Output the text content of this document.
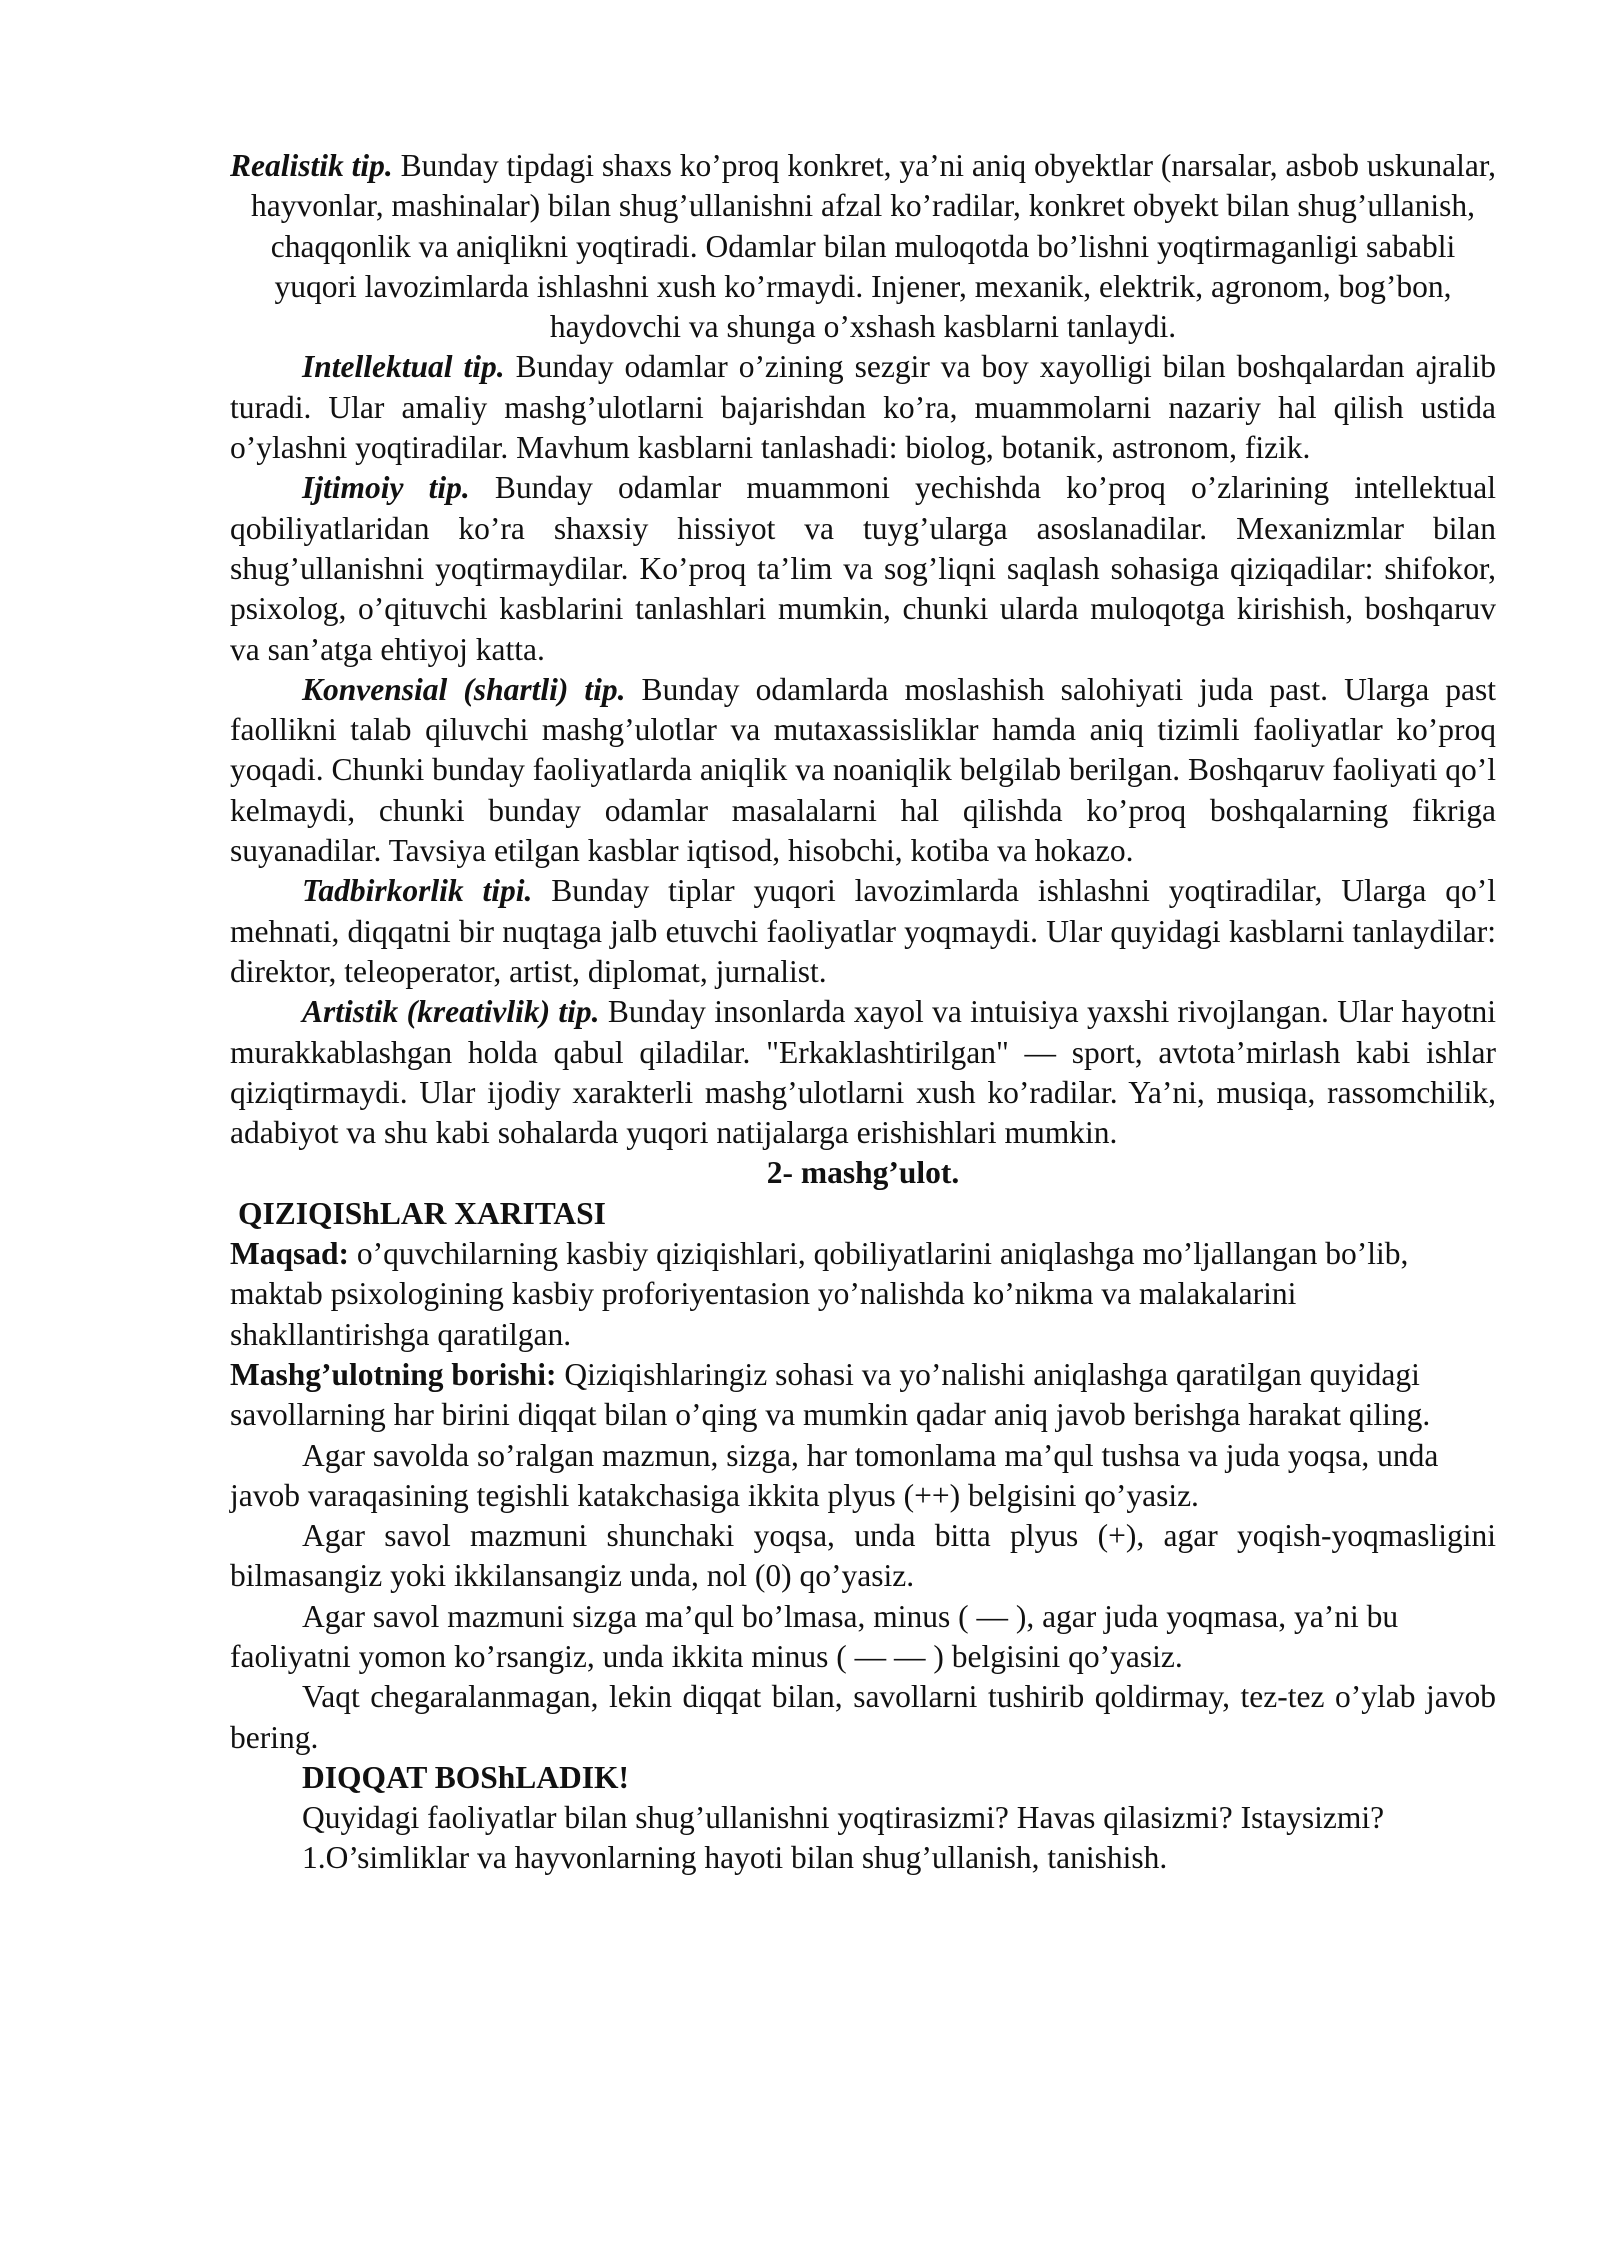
Realistik tip. Bunday tipdagi shaxs ko’proq konkret, ya’ni aniq obyektlar (narsalar, asbob uskunalar, hayvonlar, mashinalar) bilan shug’ullanishni afzal ko’radilar, konkret obyekt bilan shug’ullanish, chaqqonlik va aniqlikni yoqtiradi. Odamlar bilan muloqotda bo’lishni yoqtirmaganligi sababli yuqori lavozimlarda ishlashni xush ko’rmaydi. Injener, mexanik, elektrik, agronom, bog’bon, haydovchi va shunga o’xshash kasblarni tanlaydi.

Intellektual tip. Bunday odamlar o’zining sezgir va boy xayolligi bilan boshqalardan ajralib turadi. Ular amaliy mashg’ulotlarni bajarishdan ko’ra, muammolarni nazariy hal qilish ustida o’ylashni yoqtiradilar. Mavhum kasblarni tanlashadi: biolog, botanik, astronom, fizik.

Ijtimoiy tip. Bunday odamlar muammoni yechishda ko’proq o’zlarining intellektual qobiliyatlaridan ko’ra shaxsiy hissiyot va tuyg’ularga asoslanadilar. Mexanizmlar bilan shug’ullanishni yoqtirmaydilar. Ko’proq ta’lim va sog’liqni saqlash sohasiga qiziqadilar: shifokor, psixolog, o’qituvchi kasblarini tanlashlari mumkin, chunki ularda muloqotga kirishish, boshqaruv va san’atga ehtiyoj katta.

Konvensial (shartli) tip. Bunday odamlarda moslashish salohiyati juda past. Ularga past faollikni talab qiluvchi mashg’ulotlar va mutaxassisliklar hamda aniq tizimli faoliyatlar ko’proq yoqadi. Chunki bunday faoliyatlarda aniqlik va noaniqlik belgilab berilgan. Boshqaruv faoliyati qo’l kelmaydi, chunki bunday odamlar masalalarni hal qilishda ko’proq boshqalarning fikriga suyanadilar. Tavsiya etilgan kasblar iqtisod, hisobchi, kotiba va hokazo.

Tadbirkorlik tipi. Bunday tiplar yuqori lavozimlarda ishlashni yoqtiradilar, Ularga qo’l mehnati, diqqatni bir nuqtaga jalb etuvchi faoliyatlar yoqmaydi. Ular quyidagi kasblarni tanlaydilar: direktor, teleoperator, artist, diplomat, jurnalist.

Artistik (kreativlik) tip. Bunday insonlarda xayol va intuisiya yaxshi rivojlangan. Ular hayotni murakkablashgan holda qabul qiladilar. "Erkaklashtirilgan" — sport, avtota’mirlash kabi ishlar qiziqtirmaydi. Ular ijodiy xarakterli mashg’ulotlarni xush ko’radilar. Ya’ni, musiqa, rassomchilik, adabiyot va shu kabi sohalarda yuqori natijalarga erishishlari mumkin.

2- mashg’ulot.

QIZIQIShLAR XARITASI

Maqsad: o’quvchilarning kasbiy qiziqishlari, qobiliyatlarini aniqlashga mo’ljallangan bo’lib, maktab psixologining kasbiy proforiyentasion yo’nalishda ko’nikma va malakalarini shakllantirishga qaratilgan.

Mashg’ulotning borishi: Qiziqishlaringiz sohasi va yo’nalishi aniqlashga qaratilgan quyidagi savollarning har birini diqqat bilan o’qing va mumkin qadar aniq javob berishga harakat qiling.

Agar savolda so’ralgan mazmun, sizga, har tomonlama ma’qul tushsa va juda yoqsa, unda javob varaqasining tegishli katakchasiga ikkita plyus (++) belgisini qo’yasiz.

Agar savol mazmuni shunchaki yoqsa, unda bitta plyus (+), agar yoqish-yoqmasligini bilmasangiz yoki ikkilansangiz unda, nol (0) qo’yasiz.

Agar savol mazmuni sizga ma’qul bo’lmasa, minus ( — ), agar juda yoqmasa, ya’ni bu faoliyatni yomon ko’rsangiz, unda ikkita minus ( — — ) belgisini qo’yasiz.

Vaqt chegaralanmagan, lekin diqqat bilan, savollarni tushirib qoldirmay, tez-tez o’ylab javob bering.

DIQQAT BOShLADIK!

Quyidagi faoliyatlar bilan shug’ullanishni yoqtirasizmi? Havas qilasizmi? Istaysizmi?

1.O’simliklar va hayvonlarning hayoti bilan shug’ullanish, tanishish.
